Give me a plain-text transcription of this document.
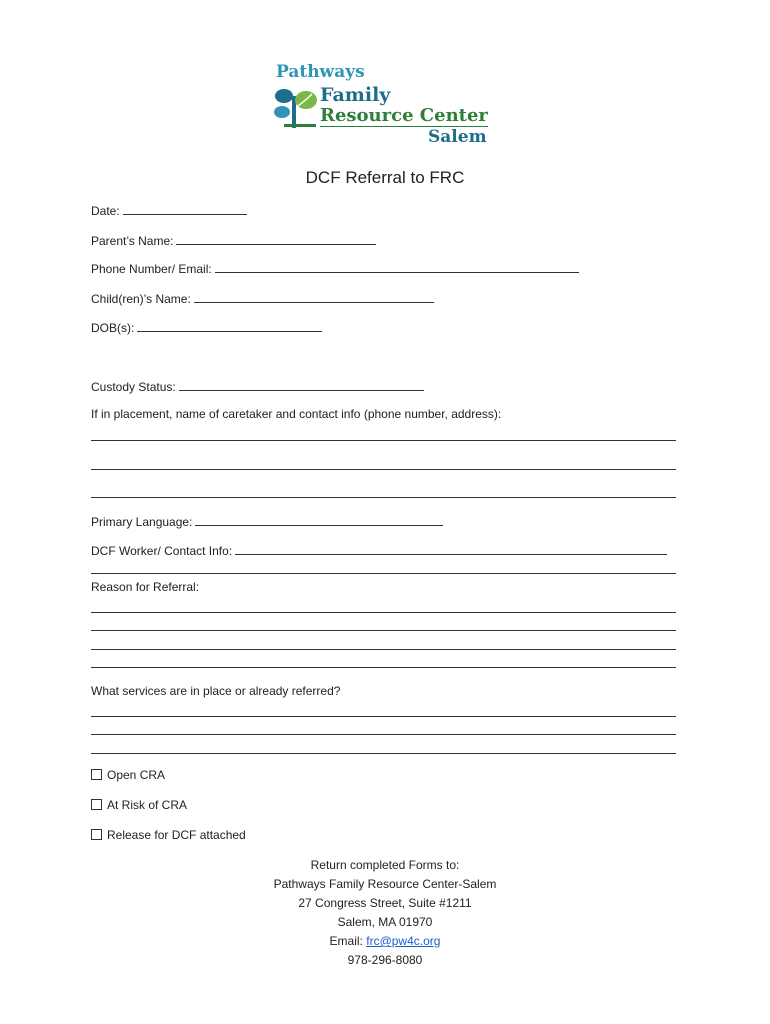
Pathways
Family
Resource Center
Salem
DCF Referral to FRC
Date:
Parent’s Name:
Phone Number/ Email:
Child(ren)’s Name:
DOB(s):
Custody Status:
If in placement, name of caretaker and contact info (phone number, address):
Primary Language:
DCF Worker/ Contact Info:
Reason for Referral:
What services are in place or already referred?
Open CRA
At Risk of CRA
Release for DCF attached
Return completed Forms to:
Pathways Family Resource Center-Salem
27 Congress Street, Suite #1211
Salem, MA 01970
Email: frc@pw4c.org
978-296-8080
